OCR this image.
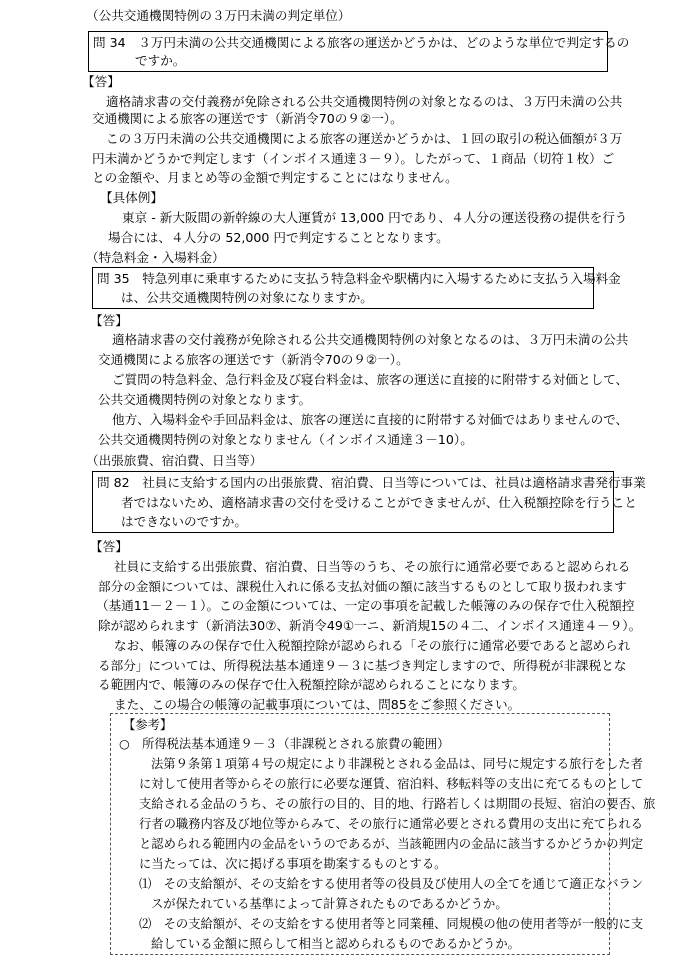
（公共交通機関特例の３万円未満の判定単位）
問 34　３万円未満の公共交通機関による旅客の運送かどうかは、どのような単位で判定するの
ですか。
【答】
適格請求書の交付義務が免除される公共交通機関特例の対象となるのは、３万円未満の公共
交通機関による旅客の運送です（新消令70の９②一）。
この３万円未満の公共交通機関による旅客の運送かどうかは、１回の取引の税込価額が３万
円未満かどうかで判定します（インボイス通達３－９）。したがって、１商品（切符１枚）ご
との金額や、月まとめ等の金額で判定することにはなりません。
【具体例】
東京 - 新大阪間の新幹線の大人運賃が 13,000 円であり、４人分の運送役務の提供を行う
場合には、４人分の 52,000 円で判定することとなります。
（特急料金・入場料金）
問 35　特急列車に乗車するために支払う特急料金や駅構内に入場するために支払う入場料金
は、公共交通機関特例の対象になりますか。
【答】
適格請求書の交付義務が免除される公共交通機関特例の対象となるのは、３万円未満の公共
交通機関による旅客の運送です（新消令70の９②一）。
ご質問の特急料金、急行料金及び寝台料金は、旅客の運送に直接的に附帯する対価として、
公共交通機関特例の対象となります。
他方、入場料金や手回品料金は、旅客の運送に直接的に附帯する対価ではありませんので、
公共交通機関特例の対象となりません（インボイス通達３－10）。
（出張旅費、宿泊費、日当等）
問 82　社員に支給する国内の出張旅費、宿泊費、日当等については、社員は適格請求書発行事業
者ではないため、適格請求書の交付を受けることができませんが、仕入税額控除を行うこと
はできないのですか。
【答】
社員に支給する出張旅費、宿泊費、日当等のうち、その旅行に通常必要であると認められる
部分の金額については、課税仕入れに係る支払対価の額に該当するものとして取り扱われます
（基通11－２－１）。この金額については、一定の事項を記載した帳簿のみの保存で仕入税額控
除が認められます（新消法30⑦、新消令49①一ニ、新消規15の４二、インボイス通達４－９）。
なお、帳簿のみの保存で仕入税額控除が認められる「その旅行に通常必要であると認められ
る部分」については、所得税法基本通達９－３に基づき判定しますので、所得税が非課税とな
る範囲内で、帳簿のみの保存で仕入税額控除が認められることになります。
また、この場合の帳簿の記載事項については、問85をご参照ください。
【参考】
○　所得税法基本通達９－３（非課税とされる旅費の範囲）
法第９条第１項第４号の規定により非課税とされる金品は、同号に規定する旅行をした者
に対して使用者等からその旅行に必要な運賃、宿泊料、移転料等の支出に充てるものとして
支給される金品のうち、その旅行の目的、目的地、行路若しくは期間の長短、宿泊の要否、旅
行者の職務内容及び地位等からみて、その旅行に通常必要とされる費用の支出に充てられる
と認められる範囲内の金品をいうのであるが、当該範囲内の金品に該当するかどうかの判定
に当たっては、次に掲げる事項を勘案するものとする。
⑴　その支給額が、その支給をする使用者等の役員及び使用人の全てを通じて適正なバラン
スが保たれている基準によって計算されたものであるかどうか。
⑵　その支給額が、その支給をする使用者等と同業種、同規模の他の使用者等が一般的に支
給している金額に照らして相当と認められるものであるかどうか。
